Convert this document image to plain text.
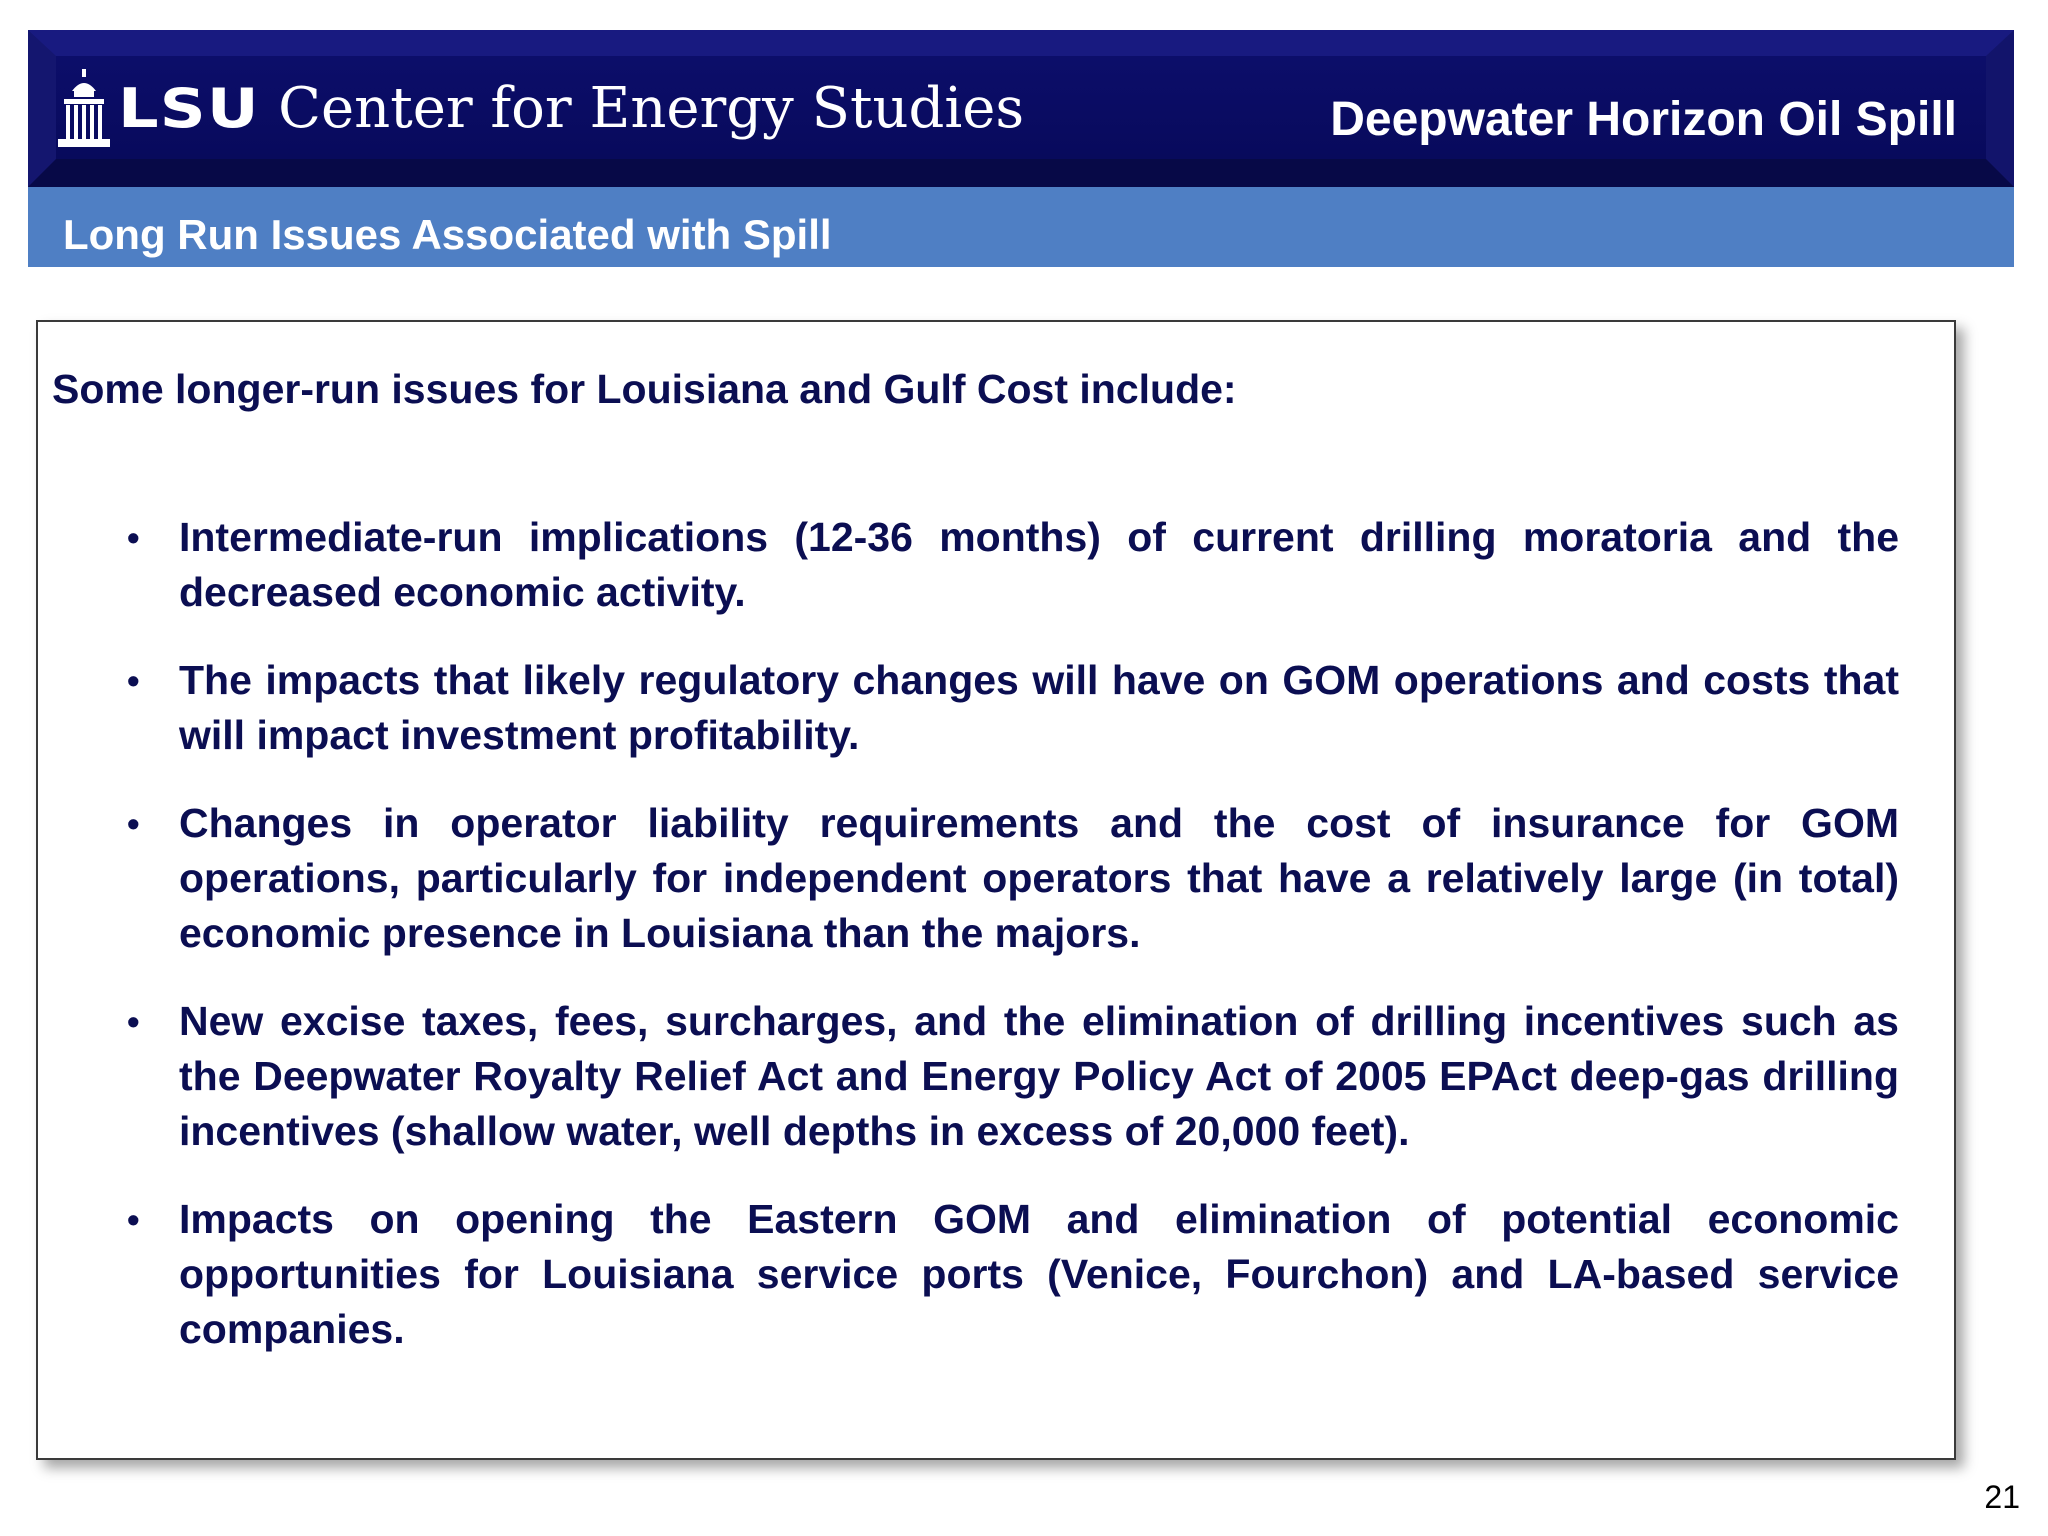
LSU Center for Energy Studies	Deepwater Horizon Oil Spill
Long Run Issues Associated with Spill
Some longer-run issues for Louisiana and Gulf Cost include:
• Intermediate-run implications (12-36 months) of current drilling moratoria and the decreased economic activity.
• The impacts that likely regulatory changes will have on GOM operations and costs that will impact investment profitability.
• Changes in operator liability requirements and the cost of insurance for GOM operations, particularly for independent operators that have a relatively large (in total) economic presence in Louisiana than the majors.
• New excise taxes, fees, surcharges, and the elimination of drilling incentives such as the Deepwater Royalty Relief Act and Energy Policy Act of 2005 EPAct deep-gas drilling incentives (shallow water, well depths in excess of 20,000 feet).
• Impacts on opening the Eastern GOM and elimination of potential economic opportunities for Louisiana service ports (Venice, Fourchon) and LA-based service companies.
21
